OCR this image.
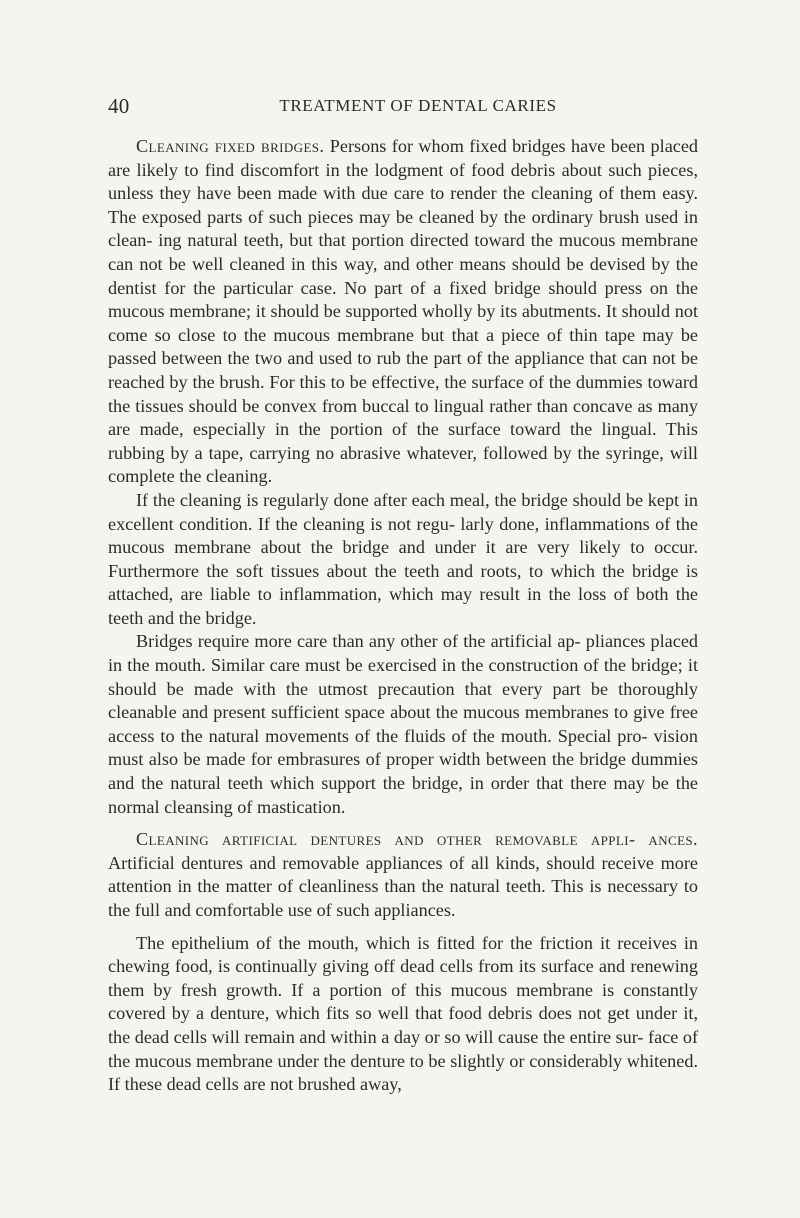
40	TREATMENT OF DENTAL CARIES

Cleaning fixed bridges. Persons for whom fixed bridges have been placed are likely to find discomfort in the lodgment of food debris about such pieces, unless they have been made with due care to render the cleaning of them easy. The exposed parts of such pieces may be cleaned by the ordinary brush used in clean- ing natural teeth, but that portion directed toward the mucous membrane can not be well cleaned in this way, and other means should be devised by the dentist for the particular case. No part of a fixed bridge should press on the mucous membrane; it should be supported wholly by its abutments. It should not come so close to the mucous membrane but that a piece of thin tape may be passed between the two and used to rub the part of the appliance that can not be reached by the brush. For this to be effective, the surface of the dummies toward the tissues should be convex from buccal to lingual rather than concave as many are made, especially in the portion of the surface toward the lingual. This rubbing by a tape, carrying no abrasive whatever, followed by the syringe, will complete the cleaning.

If the cleaning is regularly done after each meal, the bridge should be kept in excellent condition. If the cleaning is not regu- larly done, inflammations of the mucous membrane about the bridge and under it are very likely to occur. Furthermore the soft tissues about the teeth and roots, to which the bridge is attached, are liable to inflammation, which may result in the loss of both the teeth and the bridge.

Bridges require more care than any other of the artificial ap- pliances placed in the mouth. Similar care must be exercised in the construction of the bridge; it should be made with the utmost precaution that every part be thoroughly cleanable and present sufficient space about the mucous membranes to give free access to the natural movements of the fluids of the mouth. Special pro- vision must also be made for embrasures of proper width between the bridge dummies and the natural teeth which support the bridge, in order that there may be the normal cleansing of mastication.

Cleaning artificial dentures and other removable appli- ances. Artificial dentures and removable appliances of all kinds, should receive more attention in the matter of cleanliness than the natural teeth. This is necessary to the full and comfortable use of such appliances.

The epithelium of the mouth, which is fitted for the friction it receives in chewing food, is continually giving off dead cells from its surface and renewing them by fresh growth. If a portion of this mucous membrane is constantly covered by a denture, which fits so well that food debris does not get under it, the dead cells will remain and within a day or so will cause the entire sur- face of the mucous membrane under the denture to be slightly or considerably whitened. If these dead cells are not brushed away,
